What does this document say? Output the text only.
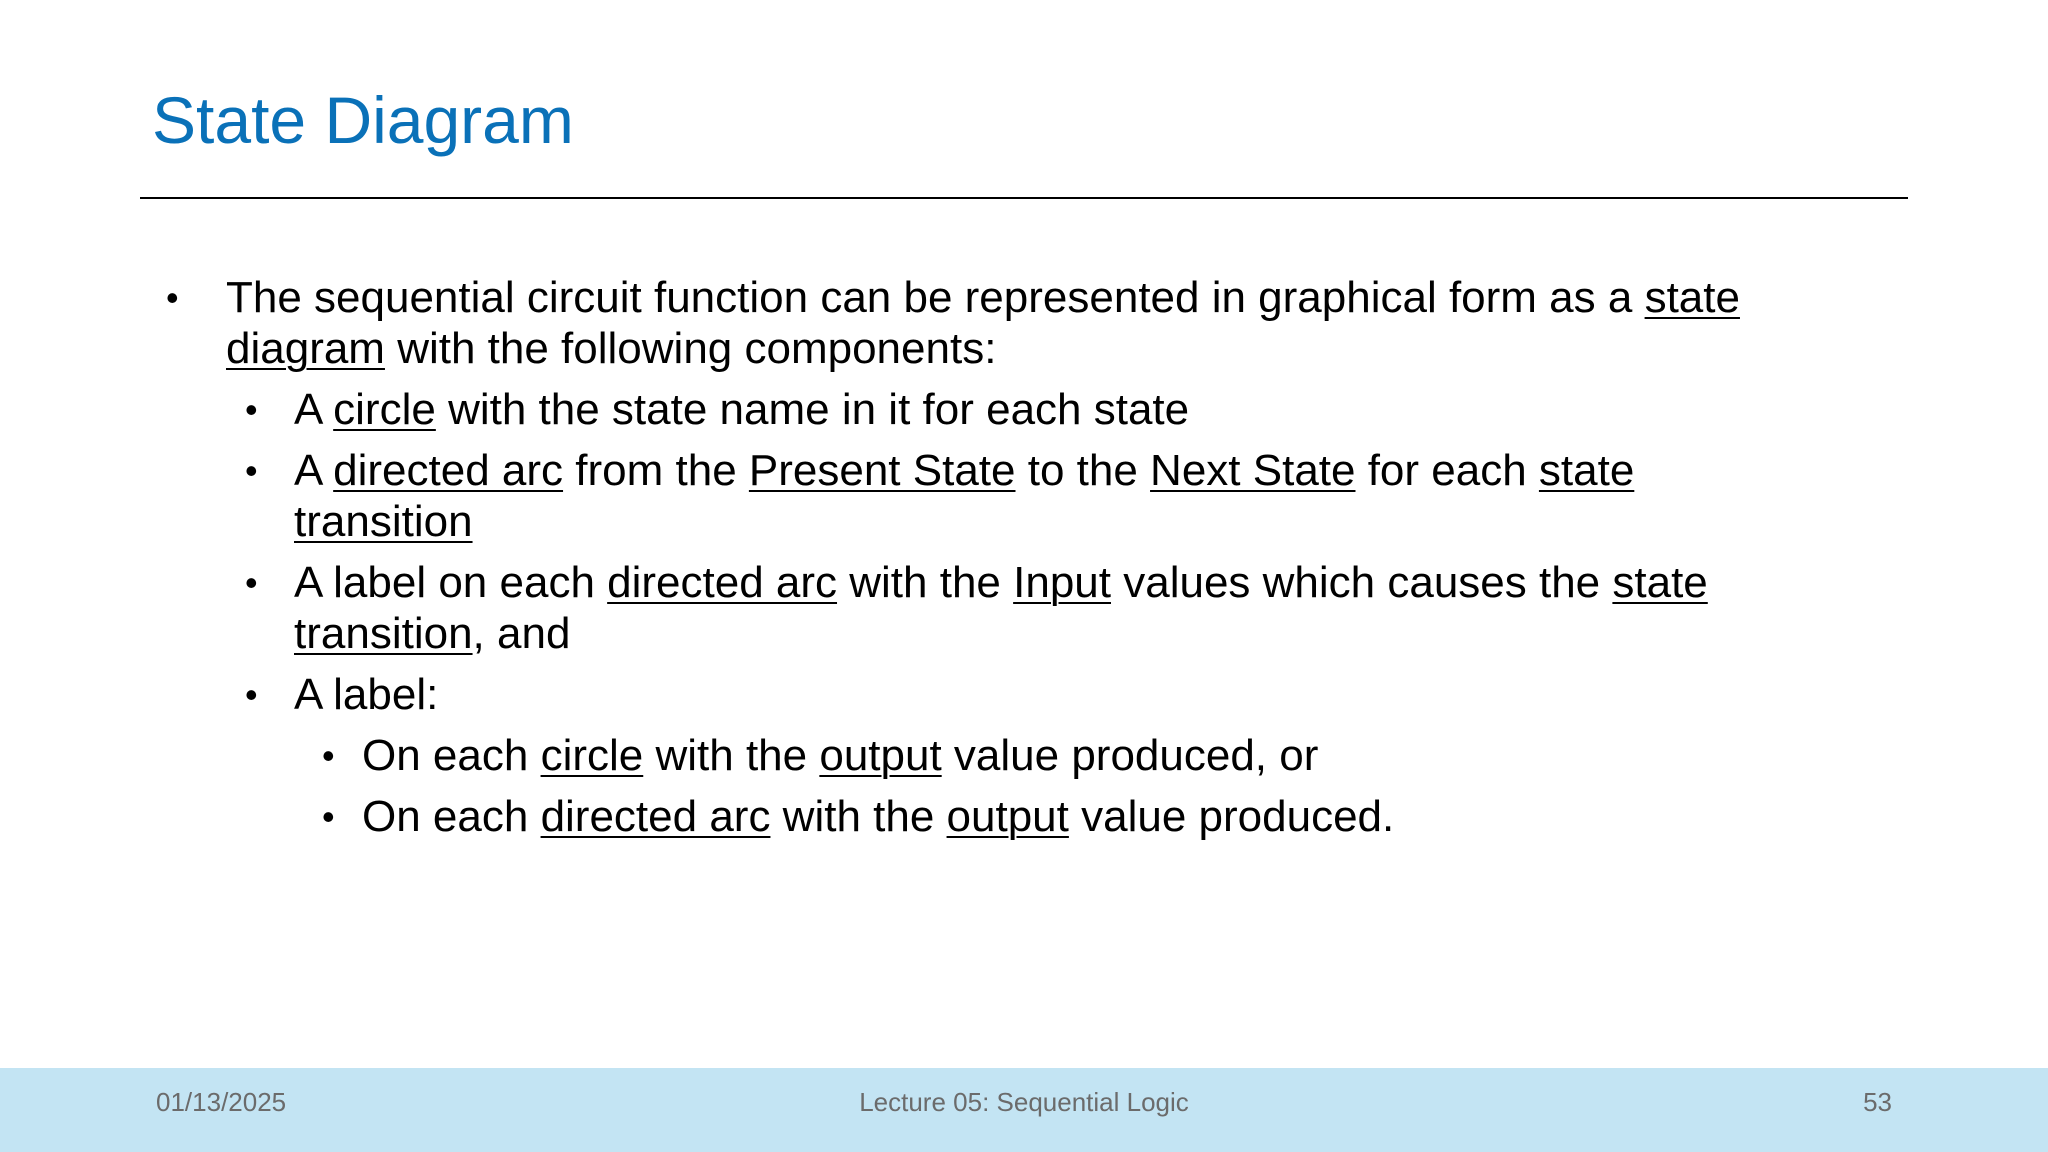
State Diagram
• The sequential circuit function can be represented in graphical form as a state
diagram with the following components:
• A circle with the state name in it for each state
• A directed arc from the Present State to the Next State for each state
transition
• A label on each directed arc with the Input values which causes the state
transition, and
• A label:
• On each circle with the output value produced, or
• On each directed arc with the output value produced.
01/13/2025	Lecture 05: Sequential Logic	53
